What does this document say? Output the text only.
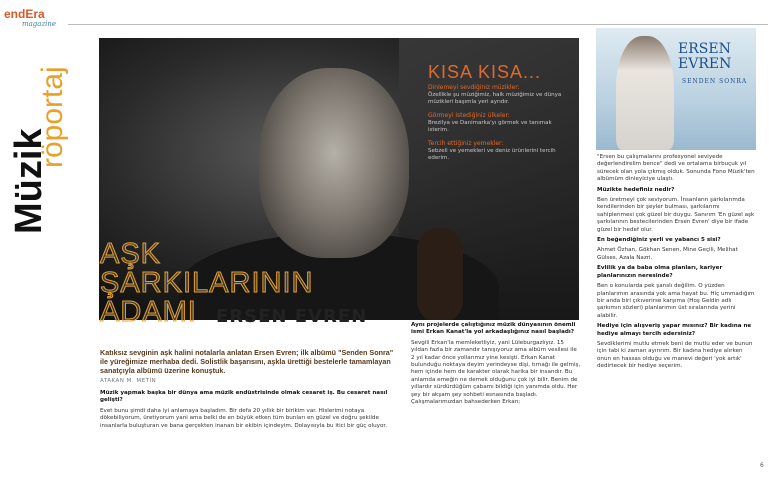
endEra
magazine
Müzik
röportaj	KISA KISA...
Dinlemeyi sevdiğiniz müzikler:
Özellikle şu müziğimiz, halk müziğimiz ve dünya müzikleri başımla yeri ayrıdır.
Görmeyi istediğiniz ülkeler:
Brezilya ve Danimarka'yı görmek ve tanımak isterim.
Tercih ettiğiniz yemekler:
Sebzeli ve yemekleri ve deniz ürünlerini tercih ederim.
AŞK
ŞARKILARININ
ADAMI	ERSEN EVREN
Katıksız sevginin aşk halini notalarla anlatan Ersen Evren; ilk albümü "Senden Sonra" ile yüreğimize merhaba dedi. Solistlik başarısını, aşkla ürettiği bestelerle tamamlayan sanatçıyla albümü üzerine konuştuk.
ATAKAN M. METİN

Müzik yapmak başka bir dünya ama müzik endüstrisinde olmak cesaret iş. Bu cesaret nasıl gelişti?

Evet bunu şimdi daha iyi anlamaya başladım. Bir defa 20 yıllık bir birikim var. Hislerimi notaya dökebiliyorum, üretiyorum yani ama belki de en büyük etken tüm bunları en güzel ve doğru şekilde insanlarla buluşturan ve bana gerçekten inanan bir ekibin içindeyim. Dolayısıyla bu itici bir güç oluyor.

Aynı projelerde çalıştığınız müzik dünyasının önemli ismi Erkan Kanat'la yol arkadaşlığınız nasıl başladı?

Sevgili Erkan'la memleketliyiz, yani Lüleburgazlıyız. 15 yıldan fazla bir zamandır tanışıyoruz ama albüm vesilesi ile 2 yıl kadar önce yollarımız yine kesişti. Erkan Kanat bulunduğu noktaya deyim yerindeyse dişi, tırnağı ile gelmiş, hem içinde hem de karakter olarak harika bir insandır. Bu anlamda emeğin ne demek olduğunu çok iyi bilir. Benim de yıllardır sürdürdüğüm çabamı bildiği için yanımda oldu. Her şey bir akşam şey sohbeti esnasında başladı. Çalışmalarımızdan bahsederken Erkan;

ERSEN EVREN
SENDEN SONRA

"Ersen bu çalışmalarını profesyonel seviyede değerlendirelim bence" dedi ve ortalama birbuçuk yıl sürecek olan yola çıkmış olduk. Sonunda Fono Müzik'ten albümüm dinleyiciye ulaştı.

Müzikte hedefiniz nedir?

Ben üretmeyi çok seviyorum. İnsanların şarkılarımda kendilerinden bir şeyler bulması, şarkılarımı sahiplenmesi çok güzel bir duygu. Sanırım 'En güzel aşk şarkılarının bestecilerinden Ersen Evren' diye bir ifade güzel bir hedef olur.

En beğendiğiniz yerli ve yabancı 5 sisi?

Ahmet Özhan, Gökhan Senen, Mine Geçili, Melihat Gülses, Azala Nazri.

Evlilik ya da baba olma planları, kariyer planlarınızın neresinde?

Ben o konularda pek şanslı değilim. O yüzden planlarımın arasında yok ama hayat bu. Hiç ummadığım bir anda biri çıkıverirse karşıma (Hoş Geldin adlı şarkımın sözleri) planlarımın üst sıralarında yerini alabilir.

Hediye için alışveriş yapar mısınız? Bir kadına ne hediye almayı tercih edersiniz?

Sevdiklerimi mutlu etmek beni de mutlu eder ve bunun için tabi ki zaman ayırırım. Bir kadına hediye alırken onun en hassas olduğu ve manevi değeri 'yok artık' dedirtecek bir hediye seçerim.

6
